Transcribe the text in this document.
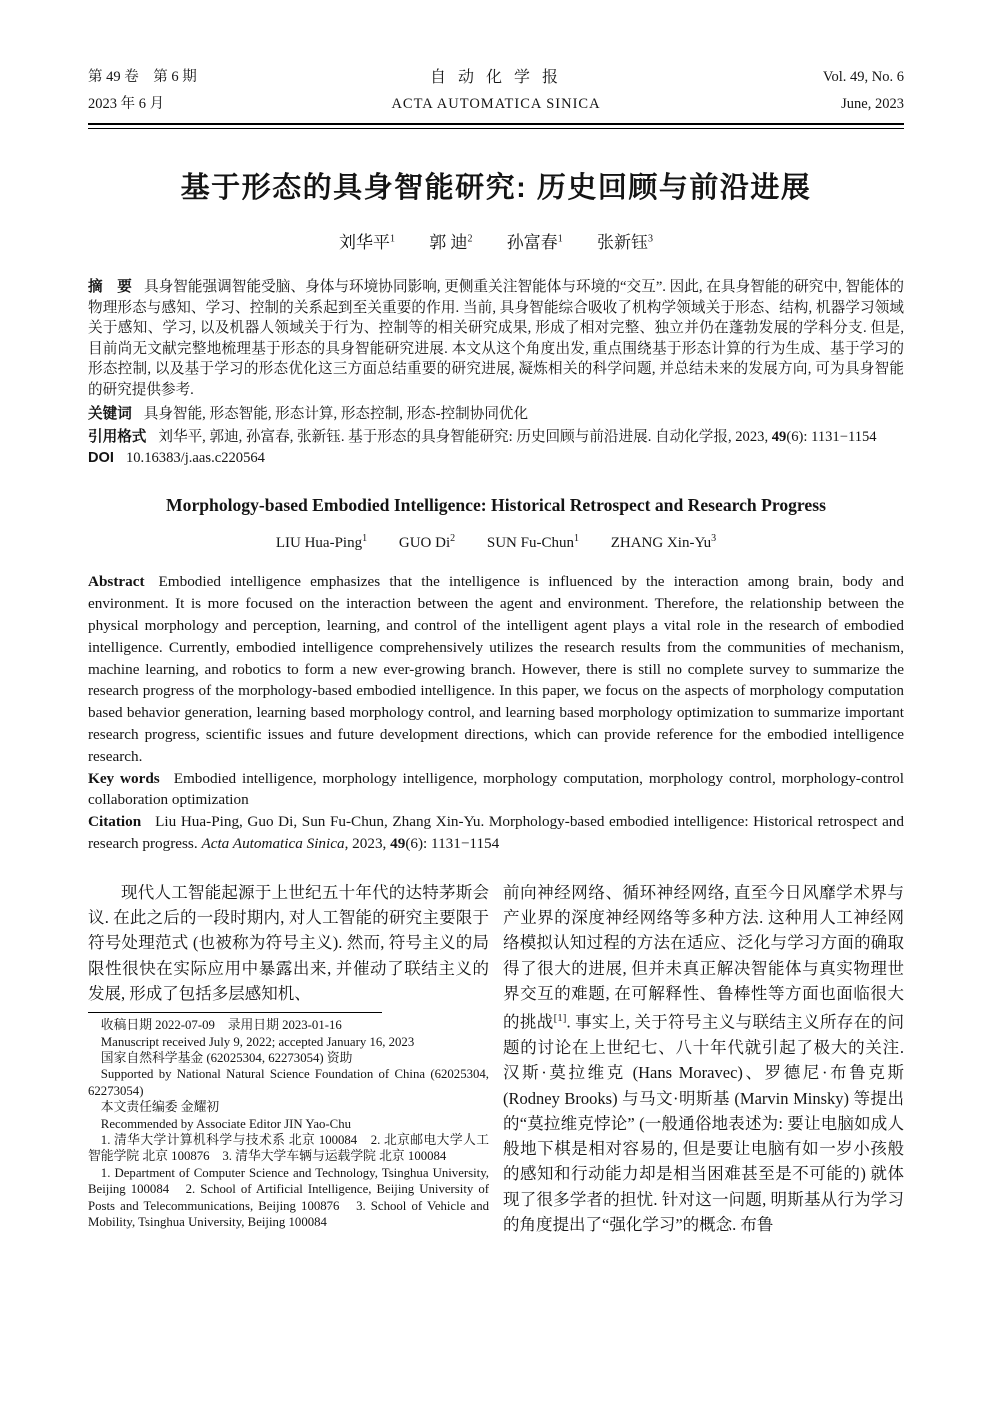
第 49 卷　第 6 期
2023 年 6 月
自 动 化 学 报
ACTA AUTOMATICA SINICA
Vol. 49, No. 6
June, 2023
基于形态的具身智能研究: 历史回顾与前沿进展
刘华平$^1$ 郭 迪$^2$ 孙富春$^1$ 张新钰$^3$

摘　要 具身智能强调智能受脑、身体与环境协同影响, 更侧重关注智能体与环境的“交互”. 因此, 在具身智能的研究中, 智能体的物理形态与感知、学习、控制的关系起到至关重要的作用. 当前, 具身智能综合吸收了机构学领域关于形态、结构, 机器学习领域关于感知、学习, 以及机器人领域关于行为、控制等的相关研究成果, 形成了相对完整、独立并仍在蓬勃发展的学科分支. 但是, 目前尚无文献完整地梳理基于形态的具身智能研究进展. 本文从这个角度出发, 重点围绕基于形态计算的行为生成、基于学习的形态控制, 以及基于学习的形态优化这三方面总结重要的研究进展, 凝炼相关的科学问题, 并总结未来的发展方向, 可为具身智能的研究提供参考.

关键词 具身智能, 形态智能, 形态计算, 形态控制, 形态-控制协同优化

引用格式 刘华平, 郭迪, 孙富春, 张新钰. 基于形态的具身智能研究: 历史回顾与前沿进展. 自动化学报, 2023, 49(6): 1131−1154

DOI 10.16383/j.aas.c220564

Morphology-based Embodied Intelligence: Historical Retrospect and Research Progress
LIU Hua-Ping$^1$ GUO Di$^2$ SUN Fu-Chun$^1$ ZHANG Xin-Yu$^3$

Abstract Embodied intelligence emphasizes that the intelligence is influenced by the interaction among brain, body and environment. It is more focused on the interaction between the agent and environment. Therefore, the relationship between the physical morphology and perception, learning, and control of the intelligent agent plays a vital role in the research of embodied intelligence. Currently, embodied intelligence comprehensively utilizes the research results from the communities of mechanism, machine learning, and robotics to form a new ever-growing branch. However, there is still no complete survey to summarize the research progress of the morphology-based embodied intelligence. In this paper, we focus on the aspects of morphology computation based behavior generation, learning based morphology control, and learning based morphology optimization to summarize important research progress, scientific issues and future development directions, which can provide reference for the embodied intelligence research.

Key words Embodied intelligence, morphology intelligence, morphology computation, morphology control, morphology-control collaboration optimization

Citation Liu Hua-Ping, Guo Di, Sun Fu-Chun, Zhang Xin-Yu. Morphology-based embodied intelligence: Historical retrospect and research progress. Acta Automatica Sinica, 2023, 49(6): 1131−1154

现代人工智能起源于上世纪五十年代的达特茅斯会议. 在此之后的一段时期内, 对人工智能的研究主要限于符号处理范式 (也被称为符号主义). 然而, 符号主义的局限性很快在实际应用中暴露出来, 并催动了联结主义的发展, 形成了包括多层感知机、

收稿日期 2022-07-09　录用日期 2023-01-16

Manuscript received July 9, 2022; accepted January 16, 2023

国家自然科学基金 (62025304, 62273054) 资助

Supported by National Natural Science Foundation of China (62025304, 62273054)

本文责任编委 金耀初

Recommended by Associate Editor JIN Yao-Chu

1. 清华大学计算机科学与技术系 北京 100084　2. 北京邮电大学人工智能学院 北京 100876　3. 清华大学车辆与运载学院 北京 100084

1. Department of Computer Science and Technology, Tsinghua University, Beijing 100084　2. School of Artificial Intelligence, Beijing University of Posts and Telecommunications, Beijing 100876　3. School of Vehicle and Mobility, Tsinghua University, Beijing 100084

前向神经网络、循环神经网络, 直至今日风靡学术界与产业界的深度神经网络等多种方法. 这种用人工神经网络模拟认知过程的方法在适应、泛化与学习方面的确取得了很大的进展, 但并未真正解决智能体与真实物理世界交互的难题, 在可解释性、鲁棒性等方面也面临很大的挑战[1]. 事实上, 关于符号主义与联结主义所存在的问题的讨论在上世纪七、八十年代就引起了极大的关注. 汉斯·莫拉维克 (Hans Moravec)、罗德尼·布鲁克斯 (Rodney Brooks) 与马文·明斯基 (Marvin Minsky) 等提出的“莫拉维克悖论” (一般通俗地表述为: 要让电脑如成人般地下棋是相对容易的, 但是要让电脑有如一岁小孩般的感知和行动能力却是相当困难甚至是不可能的) 就体现了很多学者的担忧. 针对这一问题, 明斯基从行为学习的角度提出了“强化学习”的概念. 布鲁
